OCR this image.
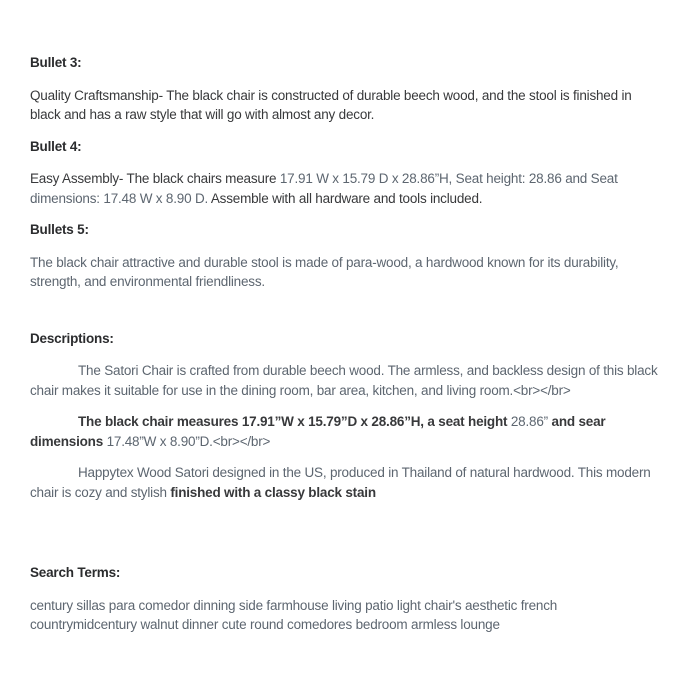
Bullet 3:

Quality Craftsmanship- The black chair is constructed of durable beech wood, and the stool is finished in black and has a raw style that will go with almost any decor.

Bullet 4:

Easy Assembly- The black chairs measure 17.91 W x 15.79 D x 28.86”H, Seat height: 28.86 and Seat dimensions: 17.48 W x 8.90 D. Assemble with all hardware and tools included.

Bullets 5:

The black chair attractive and durable stool is made of para-wood, a hardwood known for its durability, strength, and environmental friendliness.

Descriptions:

The Satori Chair is crafted from durable beech wood. The armless, and backless design of this black chair makes it suitable for use in the dining room, bar area, kitchen, and living room.<br></br>

The black chair measures 17.91”W x 15.79”D x 28.86”H, a seat height 28.86” and sear dimensions 17.48”W x 8.90”D.<br></br>

Happytex Wood Satori designed in the US, produced in Thailand of natural hardwood. This modern chair is cozy and stylish finished with a classy black stain

Search Terms:

century sillas para comedor dinning side farmhouse living patio light chair's aesthetic french countrymidcentury walnut dinner cute round comedores bedroom armless lounge
